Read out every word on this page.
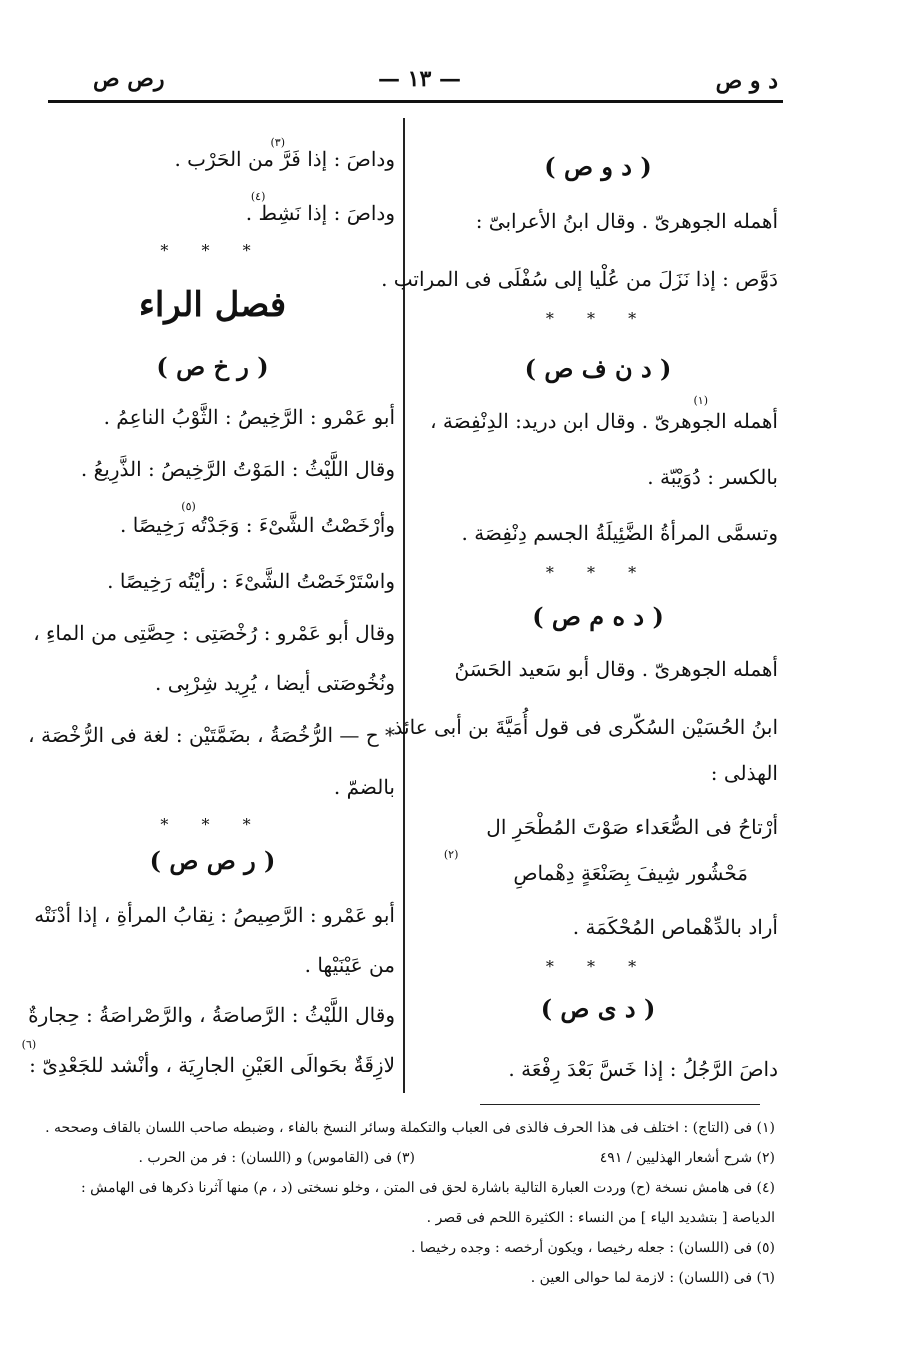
د و ص
— ١٣ —
رص ص
( د و ص )
أهمله الجوهرىّ . وقال ابنُ الأعرابىّ :
دَوَّص : إذا نَزَلَ من عُلْيا إلى سُفْلَى فى المراتب .
* * *
( د ن ف ص )
أهمله الجوهرىّ . وقال ابن دريد: الدِنْفِصَة ،
$_{(١)}$
بالكسر : دُوَيْبّة .
وتسمَّى المرأةُ الضَّئِيلَةُ الجسم دِنْفِصَة .
* * *
( د ه م ص )
أهمله الجوهرىّ . وقال أبو سَعيد الحَسَنُ
ابنُ الحُسَيْن السُكّرى فى قول أُمَيَّةَ بن أبى عائذ
الهذلى :
أرْتاحُ فى الصُّعَداء صَوْتَ المُطْحَرِ ال
مَحْشُور شِيفَ بِصَنْعَةٍ دِهْماصِ
$_{(٢)}$
أراد بالدِّهْماص المُحْكَمَة .
* * *
( د ى ص )
داصَ الرَّجُلُ : إذا خَسَّ بَعْدَ رِفْعَة .
وداصَ : إذا فَرَّ من الحَرْب .
$_{(٣)}$
وداصَ : إذا نَشِط .
$_{(٤)}$
* * *
فصل الراء
( ر خ ص )
أبو عَمْرو : الرَّخِيصُ : الثَّوْبُ الناعِمُ .
وقال اللَّيْثُ : المَوْتُ الرَّخِيصُ : الذَّرِيعُ .
وأرْخَصْتُ الشَّىْءَ : وَجَدْتُه رَخِيصًا .
$_{(٥)}$
واسْتَرْخَصْتُ الشَّىْءَ : رأيْتُه رَخِيصًا .
وقال أبو عَمْرو : رُخْصَتِى : حِصَّتِى من الماءِ ،
ونُخُوصَتى أيضا ، يُرِيد شِرْبِى .
* ح — الرُّخُصَةُ ، بضَمَّتَيْن : لغة فى الرُّخْصَة ،
بالضمّ .
* * *
( ر ص ص )
أبو عَمْرو : الرَّصِيصُ : نِقابُ المرأةِ ، إذا أدْنَتْه
من عَيْنَيْها .
وقال اللَّيْثُ : الرَّصاصَةُ ، والرَّصْراصَةُ : حِجارةٌ
لازِقَةٌ بحَوالَى العَيْنِ الجارِيَة ، وأنْشد للجَعْدِىّ :
$_{(٦)}$
(١) فى (التاج) : اختلف فى هذا الحرف فالذى فى العباب والتكملة وسائر النسخ بالفاء ، وضبطه صاحب اللسان بالقاف وصححه .
(٢) شرح أشعار الهذليين / ٤٩١
(٣) فى (القاموس) و (اللسان) : فر من الحرب .
(٤) فى هامش نسخة (ح) وردت العبارة التالية باشارة لحق فى المتن ، وخلو نسختى (د ، م) منها آثرنا ذكرها فى الهامش :
الدياصة [ بتشديد الياء ] من النساء : الكثيرة اللحم فى قصر .
(٥) فى (اللسان) : جعله رخيصا ، ويكون أرخصه : وجده رخيصا .
(٦) فى (اللسان) : لازمة لما حوالى العين .
